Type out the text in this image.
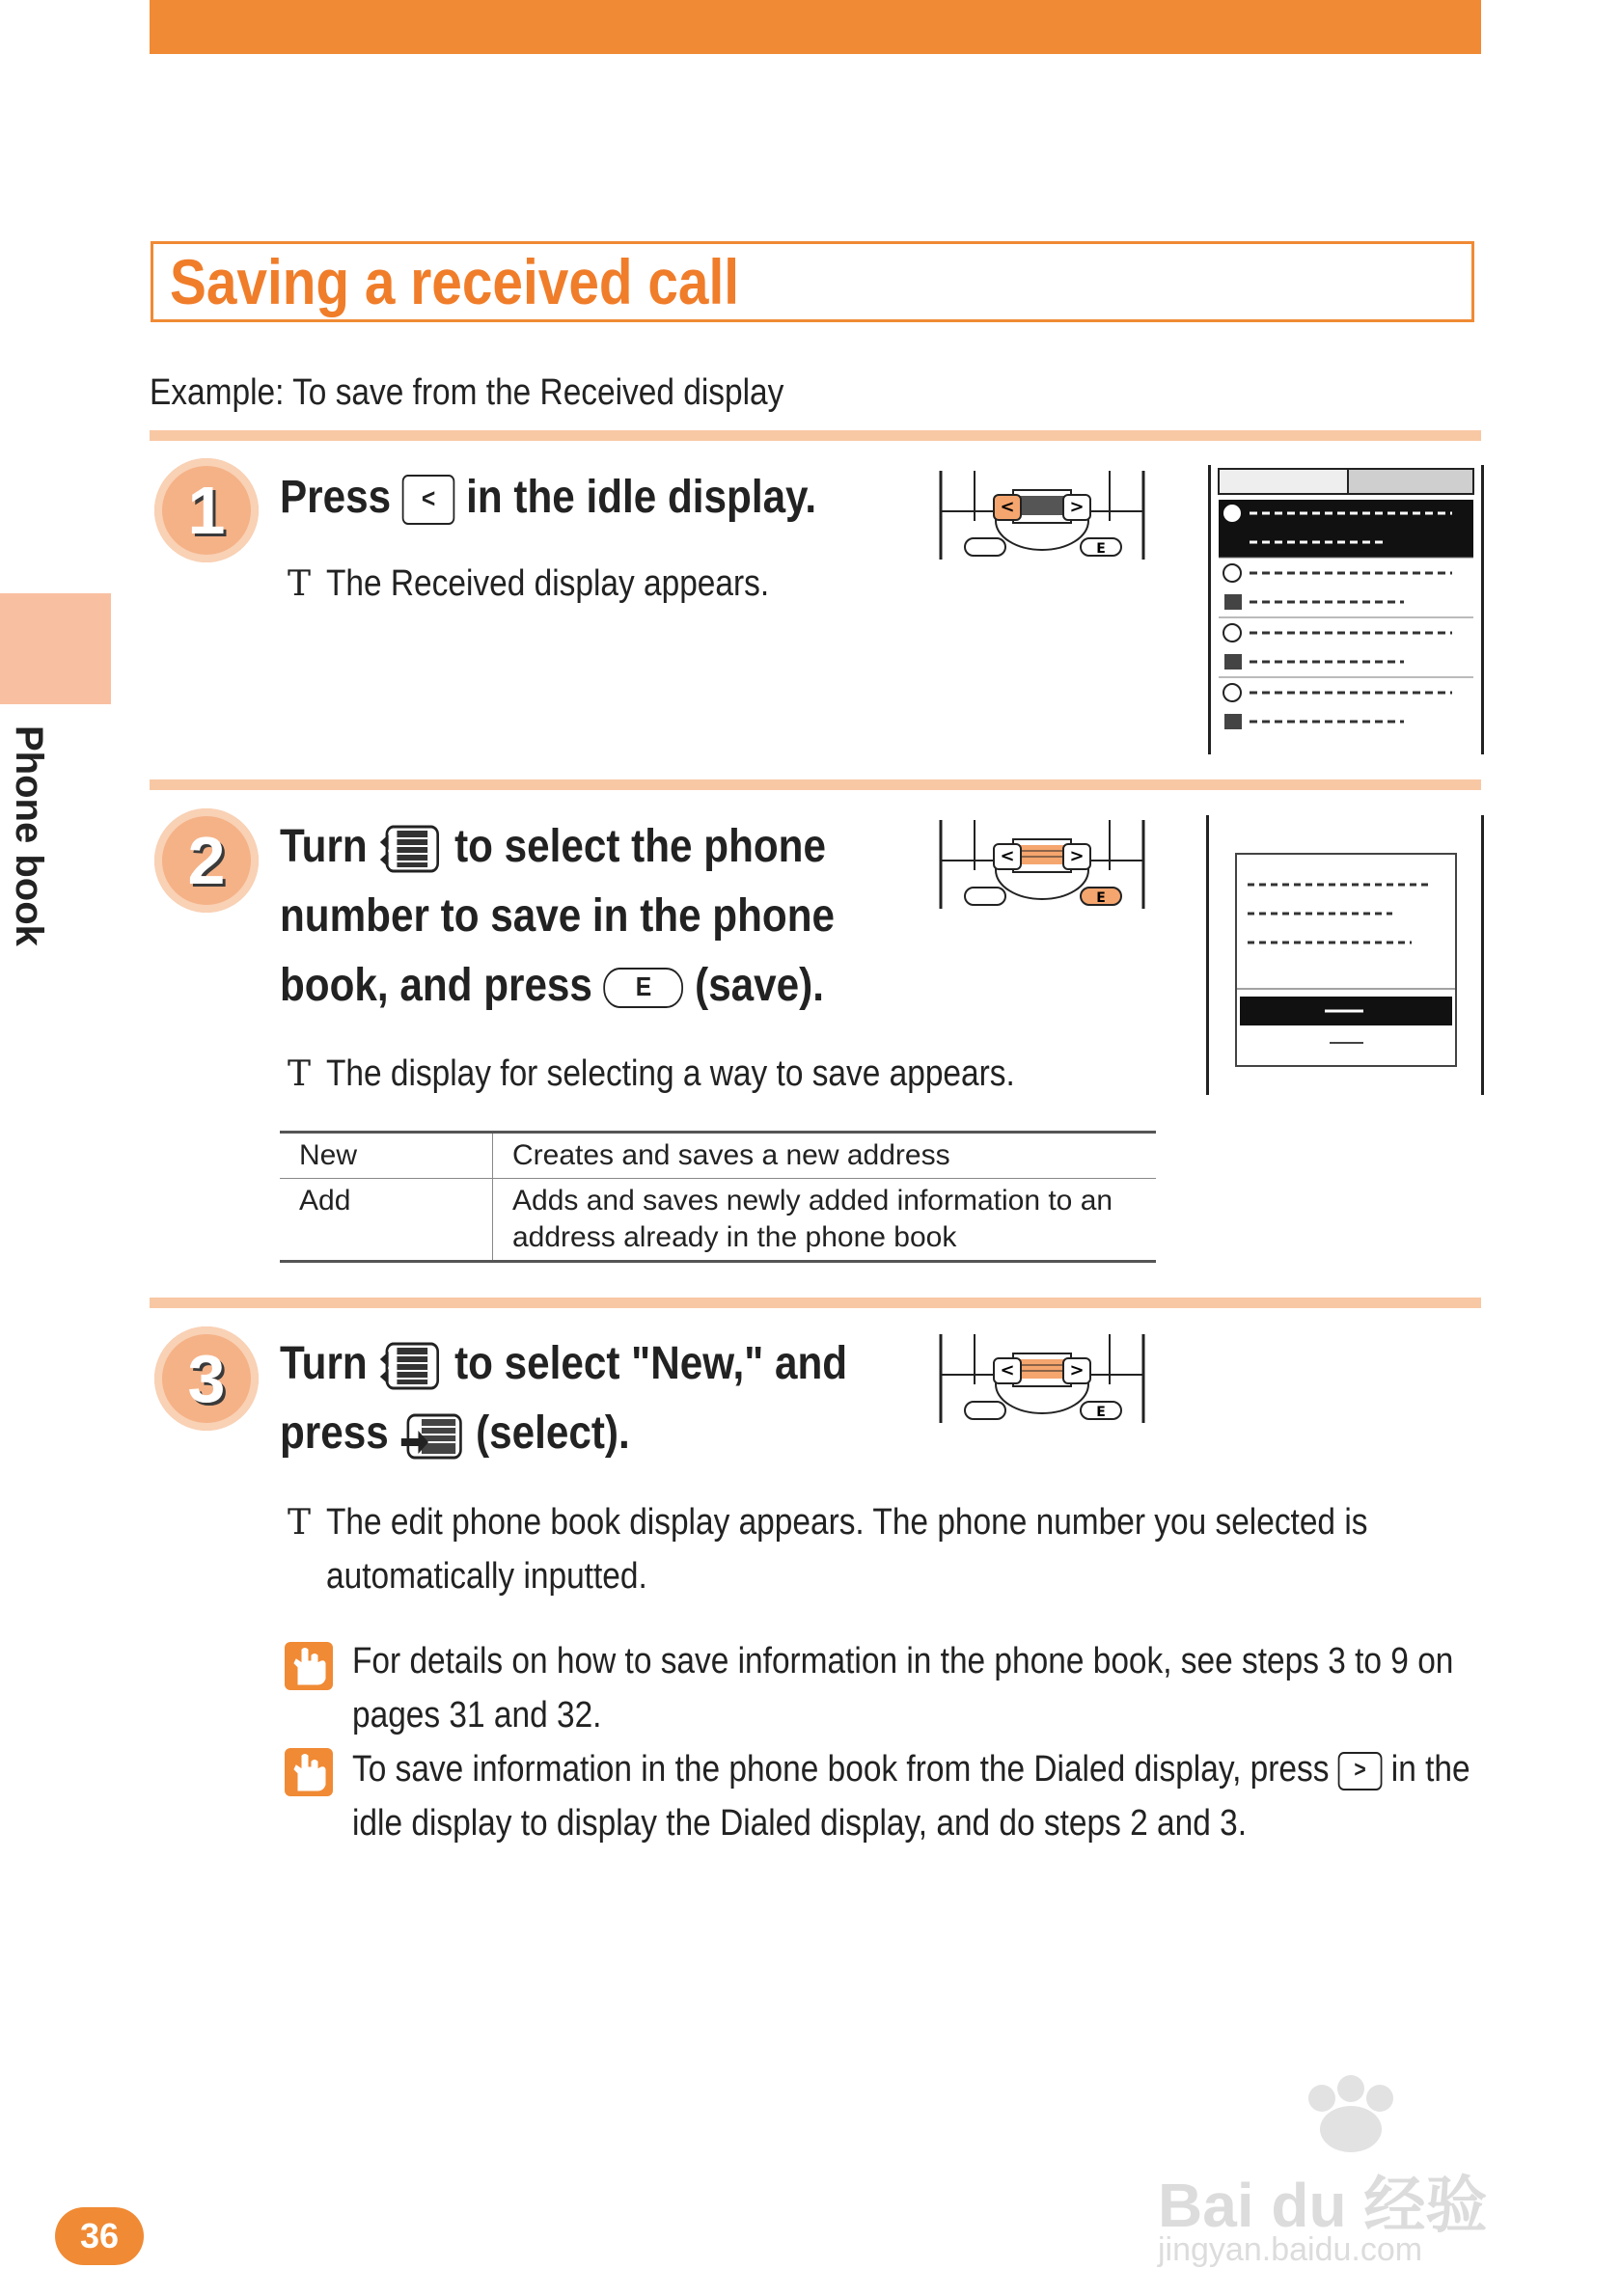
Saving a received call
Example: To save from the Received display
Phone book
1	Press < in the idle display.
T The Received display appears.
<	>
E
2	Turn to select the phone
number to save in the phone
book, and press E (save).
T The display for selecting a way to save appears.
<	>
E
New	Creates and saves a new address
Add	Adds and saves newly added information to an
address already in the phone book
3	Turn to select "New," and
press (select).
<	>
E
T The edit phone book display appears. The phone number you selected is
automatically inputted.
For details on how to save information in the phone book, see steps 3 to 9 on
pages 31 and 32.
To save information in the phone book from the Dialed display, press > in the
idle display to display the Dialed display, and do steps 2 and 3.
36	Bai du 经验
jingyan.baidu.com
